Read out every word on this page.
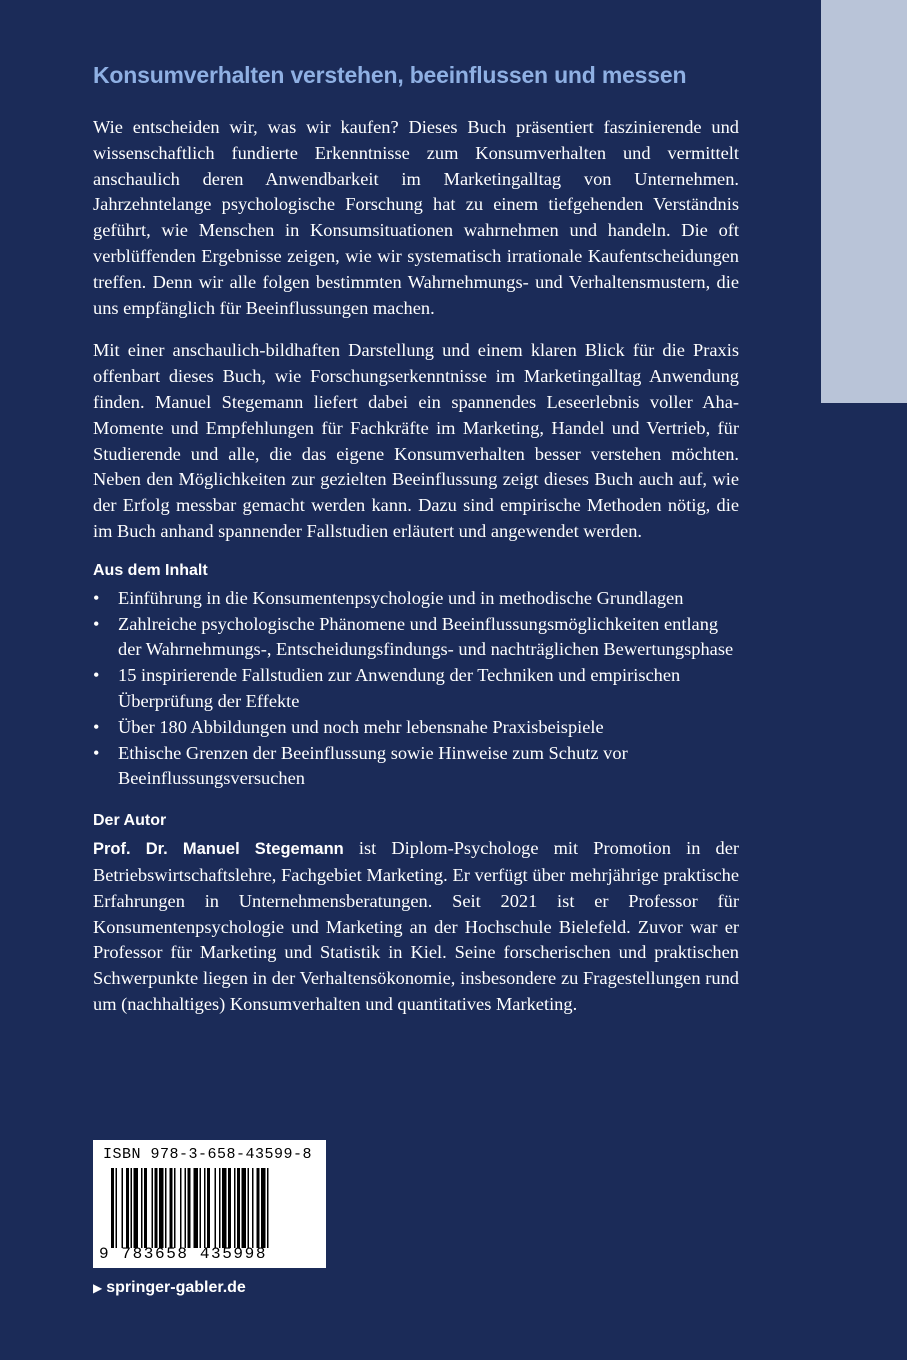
Konsumverhalten verstehen, beeinflussen und messen

Wie entscheiden wir, was wir kaufen? Dieses Buch präsentiert faszinierende und wissenschaftlich fundierte Erkenntnisse zum Konsumverhalten und vermittelt anschaulich deren Anwendbarkeit im Marketingalltag von Unternehmen. Jahrzehntelange psychologische Forschung hat zu einem tiefgehenden Verständnis geführt, wie Menschen in Konsumsituationen wahrnehmen und handeln. Die oft verblüffenden Ergebnisse zeigen, wie wir systematisch irrationale Kaufentscheidungen treffen. Denn wir alle folgen bestimmten Wahrnehmungs- und Verhaltensmustern, die uns empfänglich für Beeinflussungen machen.

Mit einer anschaulich-bildhaften Darstellung und einem klaren Blick für die Praxis offenbart dieses Buch, wie Forschungserkenntnisse im Marketingalltag Anwendung finden. Manuel Stegemann liefert dabei ein spannendes Leseerlebnis voller Aha-Momente und Empfehlungen für Fachkräfte im Marketing, Handel und Vertrieb, für Studierende und alle, die das eigene Konsumverhalten besser verstehen möchten. Neben den Möglichkeiten zur gezielten Beeinflussung zeigt dieses Buch auch auf, wie der Erfolg messbar gemacht werden kann. Dazu sind empirische Methoden nötig, die im Buch anhand spannender Fallstudien erläutert und angewendet werden.

Aus dem Inhalt
• Einführung in die Konsumentenpsychologie und in methodische Grundlagen
• Zahlreiche psychologische Phänomene und Beeinflussungsmöglichkeiten entlang der Wahrnehmungs-, Entscheidungsfindungs- und nachträglichen Bewertungsphase
• 15 inspirierende Fallstudien zur Anwendung der Techniken und empirischen Überprüfung der Effekte
• Über 180 Abbildungen und noch mehr lebensnahe Praxisbeispiele
• Ethische Grenzen der Beeinflussung sowie Hinweise zum Schutz vor Beeinflussungsversuchen
Der Autor

Prof. Dr. Manuel Stegemann ist Diplom-Psychologe mit Promotion in der Betriebswirtschaftslehre, Fachgebiet Marketing. Er verfügt über mehrjährige praktische Erfahrungen in Unternehmensberatungen. Seit 2021 ist er Professor für Konsumentenpsychologie und Marketing an der Hochschule Bielefeld. Zuvor war er Professor für Marketing und Statistik in Kiel. Seine forscherischen und praktischen Schwerpunkte liegen in der Verhaltensökonomie, insbesondere zu Fragestellungen rund um (nachhaltiges) Konsumverhalten und quantitatives Marketing.

ISBN 978-3-658-43599-8
9 783658 435998
▶ springer-gabler.de
